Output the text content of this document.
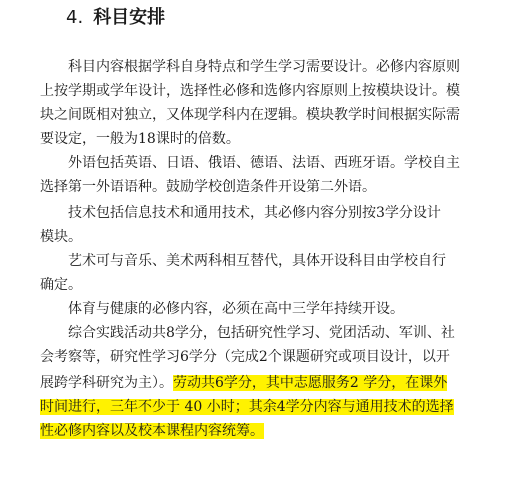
4. 科目安排

科目内容根据学科自身特点和学生学习需要设计。必修内容原则

上按学期或学年设计，选择性必修和选修内容原则上按模块设计。模

块之间既相对独立，又体现学科内在逻辑。模块教学时间根据实际需

要设定，一般为18课时的倍数。

外语包括英语、日语、俄语、德语、法语、西班牙语。学校自主

选择第一外语语种。鼓励学校创造条件开设第二外语。

技术包括信息技术和通用技术，其必修内容分别按3学分设计

模块。

艺术可与音乐、美术两科相互替代，具体开设科目由学校自行

确定。

体育与健康的必修内容，必须在高中三学年持续开设。

综合实践活动共8学分，包括研究性学习、党团活动、军训、社

会考察等，研究性学习6学分（完成2个课题研究或项目设计，以开

展跨学科研究为主）。劳动共6学分，其中志愿服务2 学分，在课外

时间进行，三年不少于 40 小时；其余4学分内容与通用技术的选择

性必修内容以及校本课程内容统筹。
